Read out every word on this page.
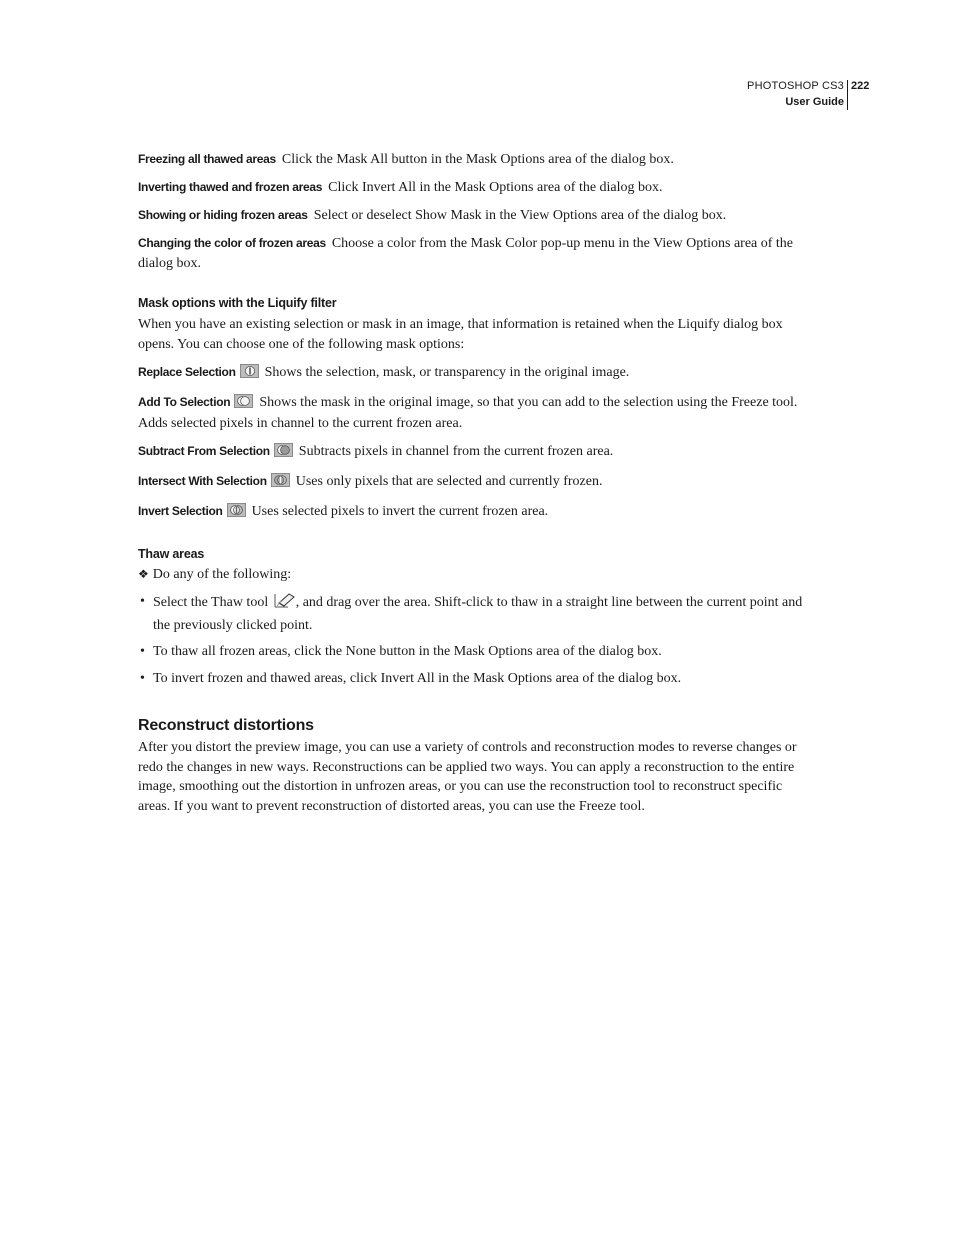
PHOTOSHOP CS3
User Guide
222

Freezing all thawed areas Click the Mask All button in the Mask Options area of the dialog box.

Inverting thawed and frozen areas Click Invert All in the Mask Options area of the dialog box.

Showing or hiding frozen areas Select or deselect Show Mask in the View Options area of the dialog box.

Changing the color of frozen areas Choose a color from the Mask Color pop-up menu in the View Options area of the dialog box.

Mask options with the Liquify filter

When you have an existing selection or mask in an image, that information is retained when the Liquify dialog box opens. You can choose one of the following mask options:

Replace Selection Shows the selection, mask, or transparency in the original image.

Add To Selection Shows the mask in the original image, so that you can add to the selection using the Freeze tool. Adds selected pixels in channel to the current frozen area.

Subtract From Selection Subtracts pixels in channel from the current frozen area.

Intersect With Selection Uses only pixels that are selected and currently frozen.

Invert Selection Uses selected pixels to invert the current frozen area.

Thaw areas

❖ Do any of the following:

• Select the Thaw tool , and drag over the area. Shift-click to thaw in a straight line between the current point and the previously clicked point.
• To thaw all frozen areas, click the None button in the Mask Options area of the dialog box.
• To invert frozen and thawed areas, click Invert All in the Mask Options area of the dialog box.
Reconstruct distortions

After you distort the preview image, you can use a variety of controls and reconstruction modes to reverse changes or redo the changes in new ways. Reconstructions can be applied two ways. You can apply a reconstruction to the entire image, smoothing out the distortion in unfrozen areas, or you can use the reconstruction tool to reconstruct specific areas. If you want to prevent reconstruction of distorted areas, you can use the Freeze tool.
